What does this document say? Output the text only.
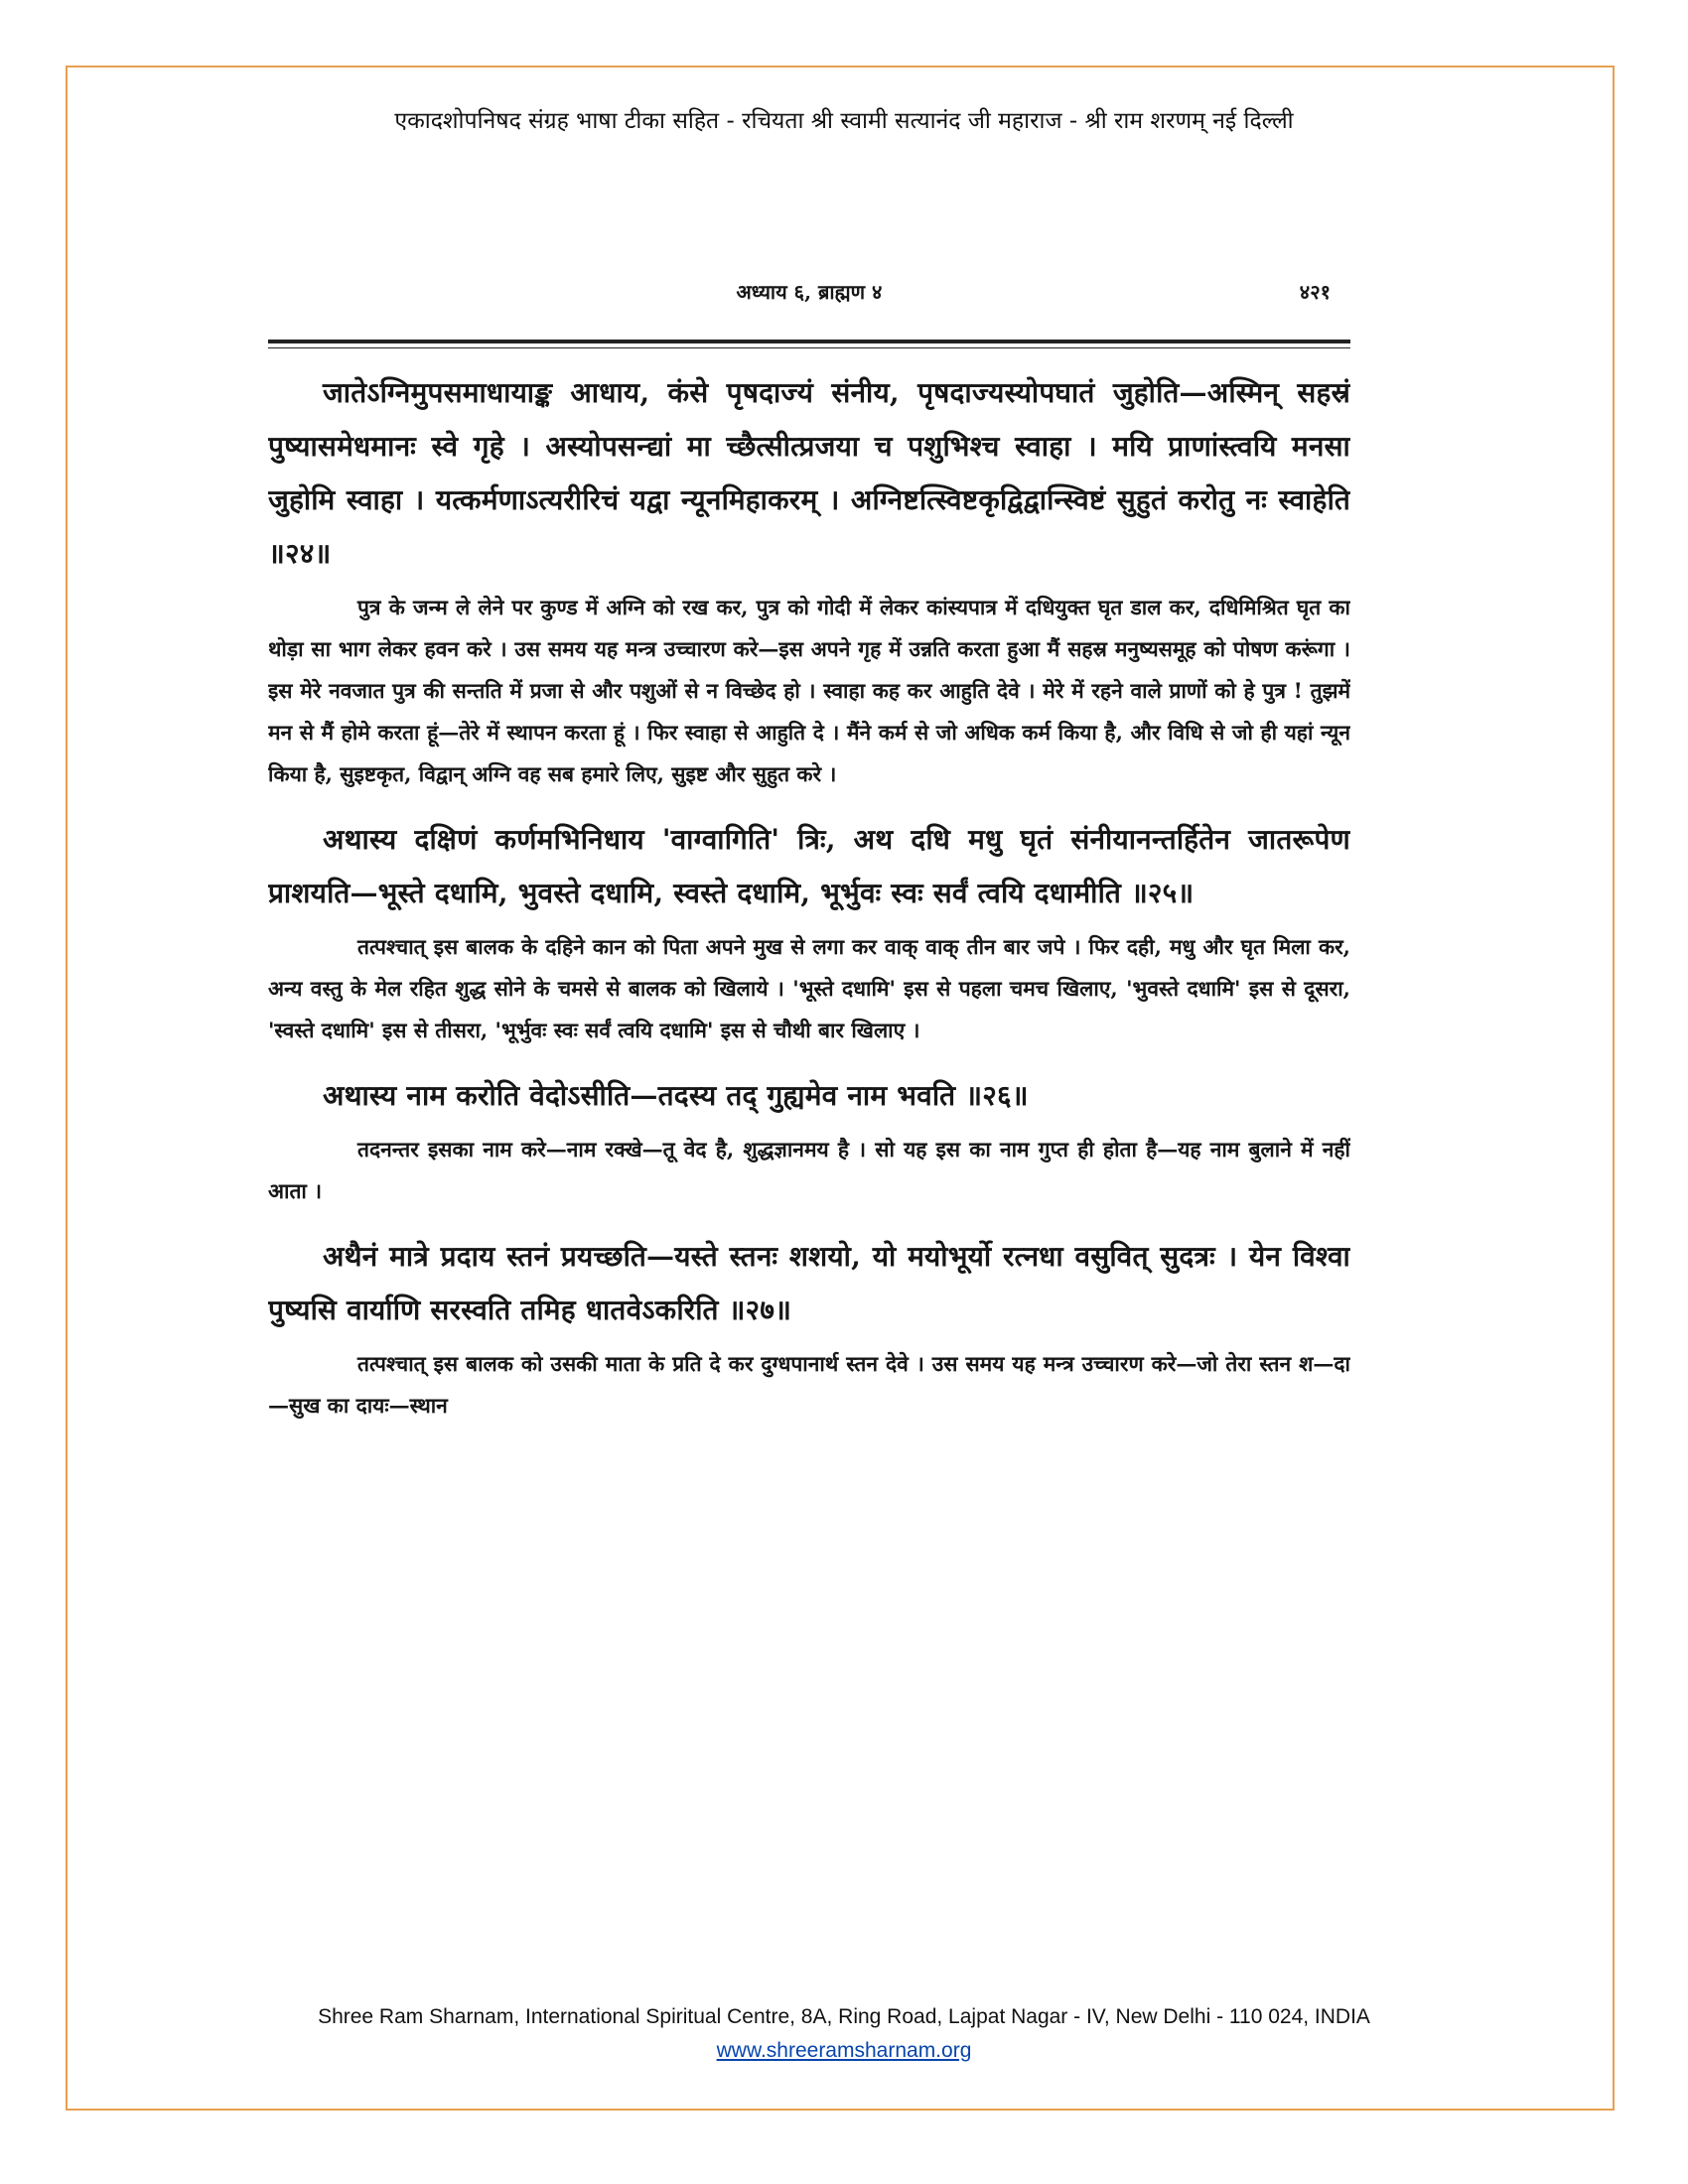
एकादशोपनिषद संग्रह भाषा टीका सहित - रचियता श्री स्वामी सत्यानंद जी महाराज - श्री राम शरणम् नई दिल्ली
अध्याय ६, ब्राह्मण ४	४२१

जातेऽग्निमुपसमाधायाङ्क आधाय, कंसे पृषदाज्यं संनीय, पृषदाज्यस्योपघातं जुहोति—अस्मिन् सहस्रं पुष्यासमेधमानः स्वे गृहे । अस्योपसन्द्यां मा च्छैत्सीत्प्रजया च पशुभिश्च स्वाहा । मयि प्राणांस्त्वयि मनसा जुहोमि स्वाहा । यत्कर्मणाऽत्यरीरिचं यद्वा न्यूनमिहाकरम् । अग्निष्टत्स्विष्टकृद्विद्वान्स्विष्टं सुहुतं करोतु नः स्वाहेति ॥२४॥

पुत्र के जन्म ले लेने पर कुण्ड में अग्नि को रख कर, पुत्र को गोदी में लेकर कांस्यपात्र में दधियुक्त घृत डाल कर, दधिमिश्रित घृत का थोड़ा सा भाग लेकर हवन करे । उस समय यह मन्त्र उच्चारण करे—इस अपने गृह में उन्नति करता हुआ मैं सहस्र मनुष्यसमूह को पोषण करूंगा । इस मेरे नवजात पुत्र की सन्तति में प्रजा से और पशुओं से न विच्छेद हो । स्वाहा कह कर आहुति देवे । मेरे में रहने वाले प्राणों को हे पुत्र ! तुझमें मन से मैं होमे करता हूं—तेरे में स्थापन करता हूं । फिर स्वाहा से आहुति दे । मैंने कर्म से जो अधिक कर्म किया है, और विधि से जो ही यहां न्यून किया है, सुइष्टकृत, विद्वान् अग्नि वह सब हमारे लिए, सुइष्ट और सुहुत करे ।

अथास्य दक्षिणं कर्णमभिनिधाय 'वाग्वागिति' त्रिः, अथ दधि मधु घृतं संनीयानन्तर्हितेन जातरूपेण प्राशयति—भूस्ते दधामि, भुवस्ते दधामि, स्वस्ते दधामि, भूर्भुवः स्वः सर्वं त्वयि दधामीति ॥२५॥

तत्पश्चात् इस बालक के दहिने कान को पिता अपने मुख से लगा कर वाक् वाक् तीन बार जपे । फिर दही, मधु और घृत मिला कर, अन्य वस्तु के मेल रहित शुद्ध सोने के चमसे से बालक को खिलाये । 'भूस्ते दधामि' इस से पहला चमच खिलाए, 'भुवस्ते दधामि' इस से दूसरा, 'स्वस्ते दधामि' इस से तीसरा, 'भूर्भुवः स्वः सर्वं त्वयि दधामि' इस से चौथी बार खिलाए ।

अथास्य नाम करोति वेदोऽसीति—तदस्य तद् गुह्यमेव नाम भवति ॥२६॥

तदनन्तर इसका नाम करे—नाम रक्खे—तू वेद है, शुद्धज्ञानमय है । सो यह इस का नाम गुप्त ही होता है—यह नाम बुलाने में नहीं आता ।

अथैनं मात्रे प्रदाय स्तनं प्रयच्छति—यस्ते स्तनः शशयो, यो मयोभूर्यो रत्नधा वसुवित् सुदत्रः । येन विश्वा पुष्यसि वार्याणि सरस्वति तमिह धातवेऽकरिति ॥२७॥

तत्पश्चात् इस बालक को उसकी माता के प्रति दे कर दुग्धपानार्थ स्तन देवे । उस समय यह मन्त्र उच्चारण करे—जो तेरा स्तन श—दा—सुख का दायः—स्थान

Shree Ram Sharnam, International Spiritual Centre, 8A, Ring Road, Lajpat Nagar - IV, New Delhi - 110 024, INDIA
www.shreeramsharnam.org
